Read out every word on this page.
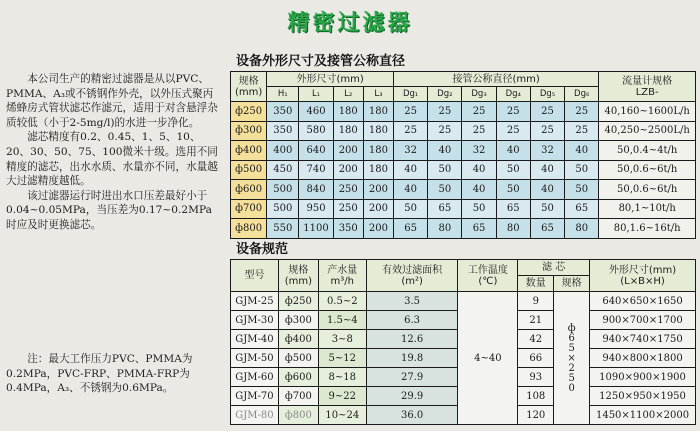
精密过滤器

本公司生产的精密过滤器是从以PVC、PMMA、A₃或不锈钢作外壳，以外压式聚丙烯蜂房式管状滤芯作滤元，适用于对含悬浮杂质较低（小于2-5mg/l)的水进一步净化。

滤芯精度有0.2、0.45、1、5、10、20、30、50、75、100微米十级。选用不同精度的滤芯，出水水质、水量亦不同，水量越大过滤精度越低。

该过滤器运行时进出水口压差最好小于0.04~0.05MPa，当压差为0.17~0.2MPa时应及时更换滤芯。

注：最大工作压力PVC、PMMA为0.2MPa，PVC-FRP、PMMA-FRP为0.4MPa，A₃、不锈钢为0.6MPa。

设备外形尺寸及接管公称直径
规格
(mm)	外形尺寸(mm)				接管公称直径(mm)						流量计规格
LZB-
	H₁	L₁	L₂	L₃	Dg₁	Dg₂	Dg₃	Dg₄	Dg₅	Dg₆	
ф250	350	460	180	180	25	25	25	25	25	25	40,160~1600L/h
ф300	350	580	180	180	25	25	25	25	25	25	40,250~2500L/h
ф400	400	640	200	180	32	40	32	40	32	40	50,0.4~4t/h
ф500	450	740	200	180	40	50	40	50	40	50	50,0.6~6t/h
ф600	500	840	250	200	40	50	40	50	40	50	50,0.6~6t/h
ф700	500	950	250	200	50	65	50	65	50	65	80,1~10t/h
ф800	550	1100	350	200	65	80	65	80	65	80	80,1.6~16t/h
设备规范
型号	规格
(mm)	产水量
m³/h	有效过滤面积
(m²)	工作温度
(℃)	滤 芯		外形尺寸(mm)
(L×B×H)
					数量	规格	
GJM-25	ф250	0.5~2	3.5	4~40	9	ф65×250	640×650×1650
GJM-30	ф300	1.5~4	6.3		21		900×700×1700
GJM-40	ф400	3~8	12.6		42		940×740×1750
GJM-50	ф500	5~12	19.8		66		940×800×1800
GJM-60	ф600	8~18	27.9		93		1090×900×1900
GJM-70	ф700	9~22	29.9		108		1250×950×1950
GJM-80	ф800	10~24	36.0		120		1450×1100×2000
